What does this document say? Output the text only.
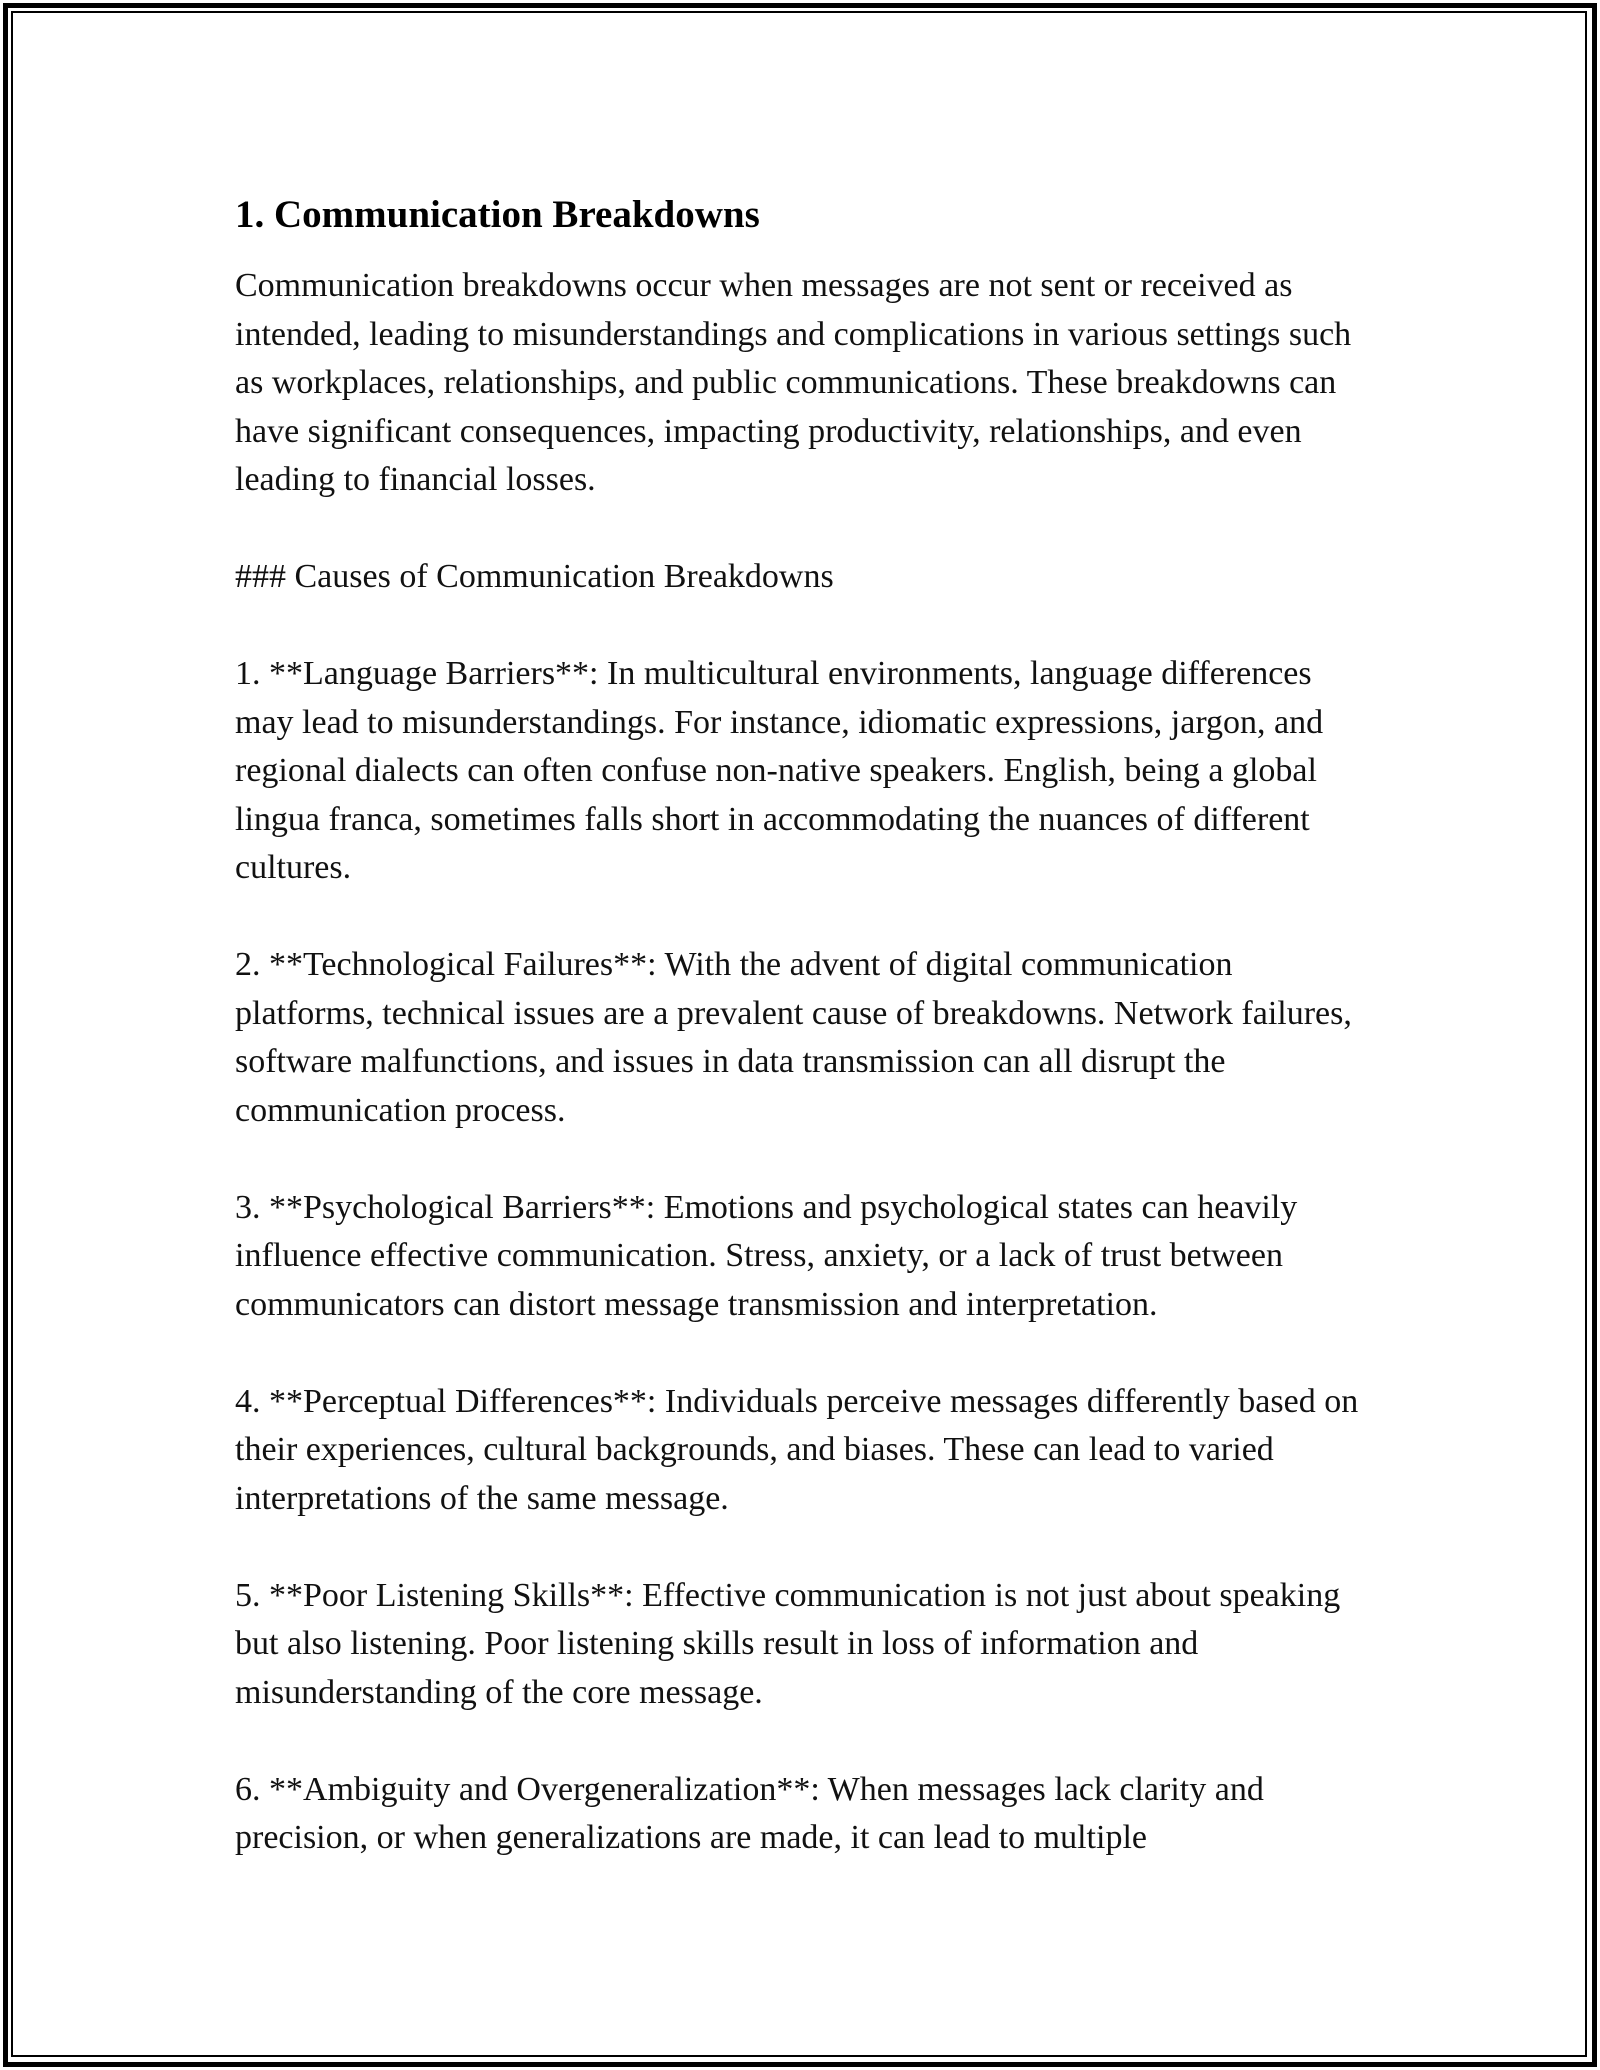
1. Communication Breakdowns

Communication breakdowns occur when messages are not sent or received as intended, leading to misunderstandings and complications in various settings such as workplaces, relationships, and public communications. These breakdowns can have significant consequences, impacting productivity, relationships, and even leading to financial losses.

### Causes of Communication Breakdowns

1. **Language Barriers**: In multicultural environments, language differences may lead to misunderstandings. For instance, idiomatic expressions, jargon, and regional dialects can often confuse non-native speakers. English, being a global lingua franca, sometimes falls short in accommodating the nuances of different cultures.

2. **Technological Failures**: With the advent of digital communication platforms, technical issues are a prevalent cause of breakdowns. Network failures, software malfunctions, and issues in data transmission can all disrupt the communication process.

3. **Psychological Barriers**: Emotions and psychological states can heavily influence effective communication. Stress, anxiety, or a lack of trust between communicators can distort message transmission and interpretation.

4. **Perceptual Differences**: Individuals perceive messages differently based on their experiences, cultural backgrounds, and biases. These can lead to varied interpretations of the same message.

5. **Poor Listening Skills**: Effective communication is not just about speaking but also listening. Poor listening skills result in loss of information and misunderstanding of the core message.

6. **Ambiguity and Overgeneralization**: When messages lack clarity and precision, or when generalizations are made, it can lead to multiple
